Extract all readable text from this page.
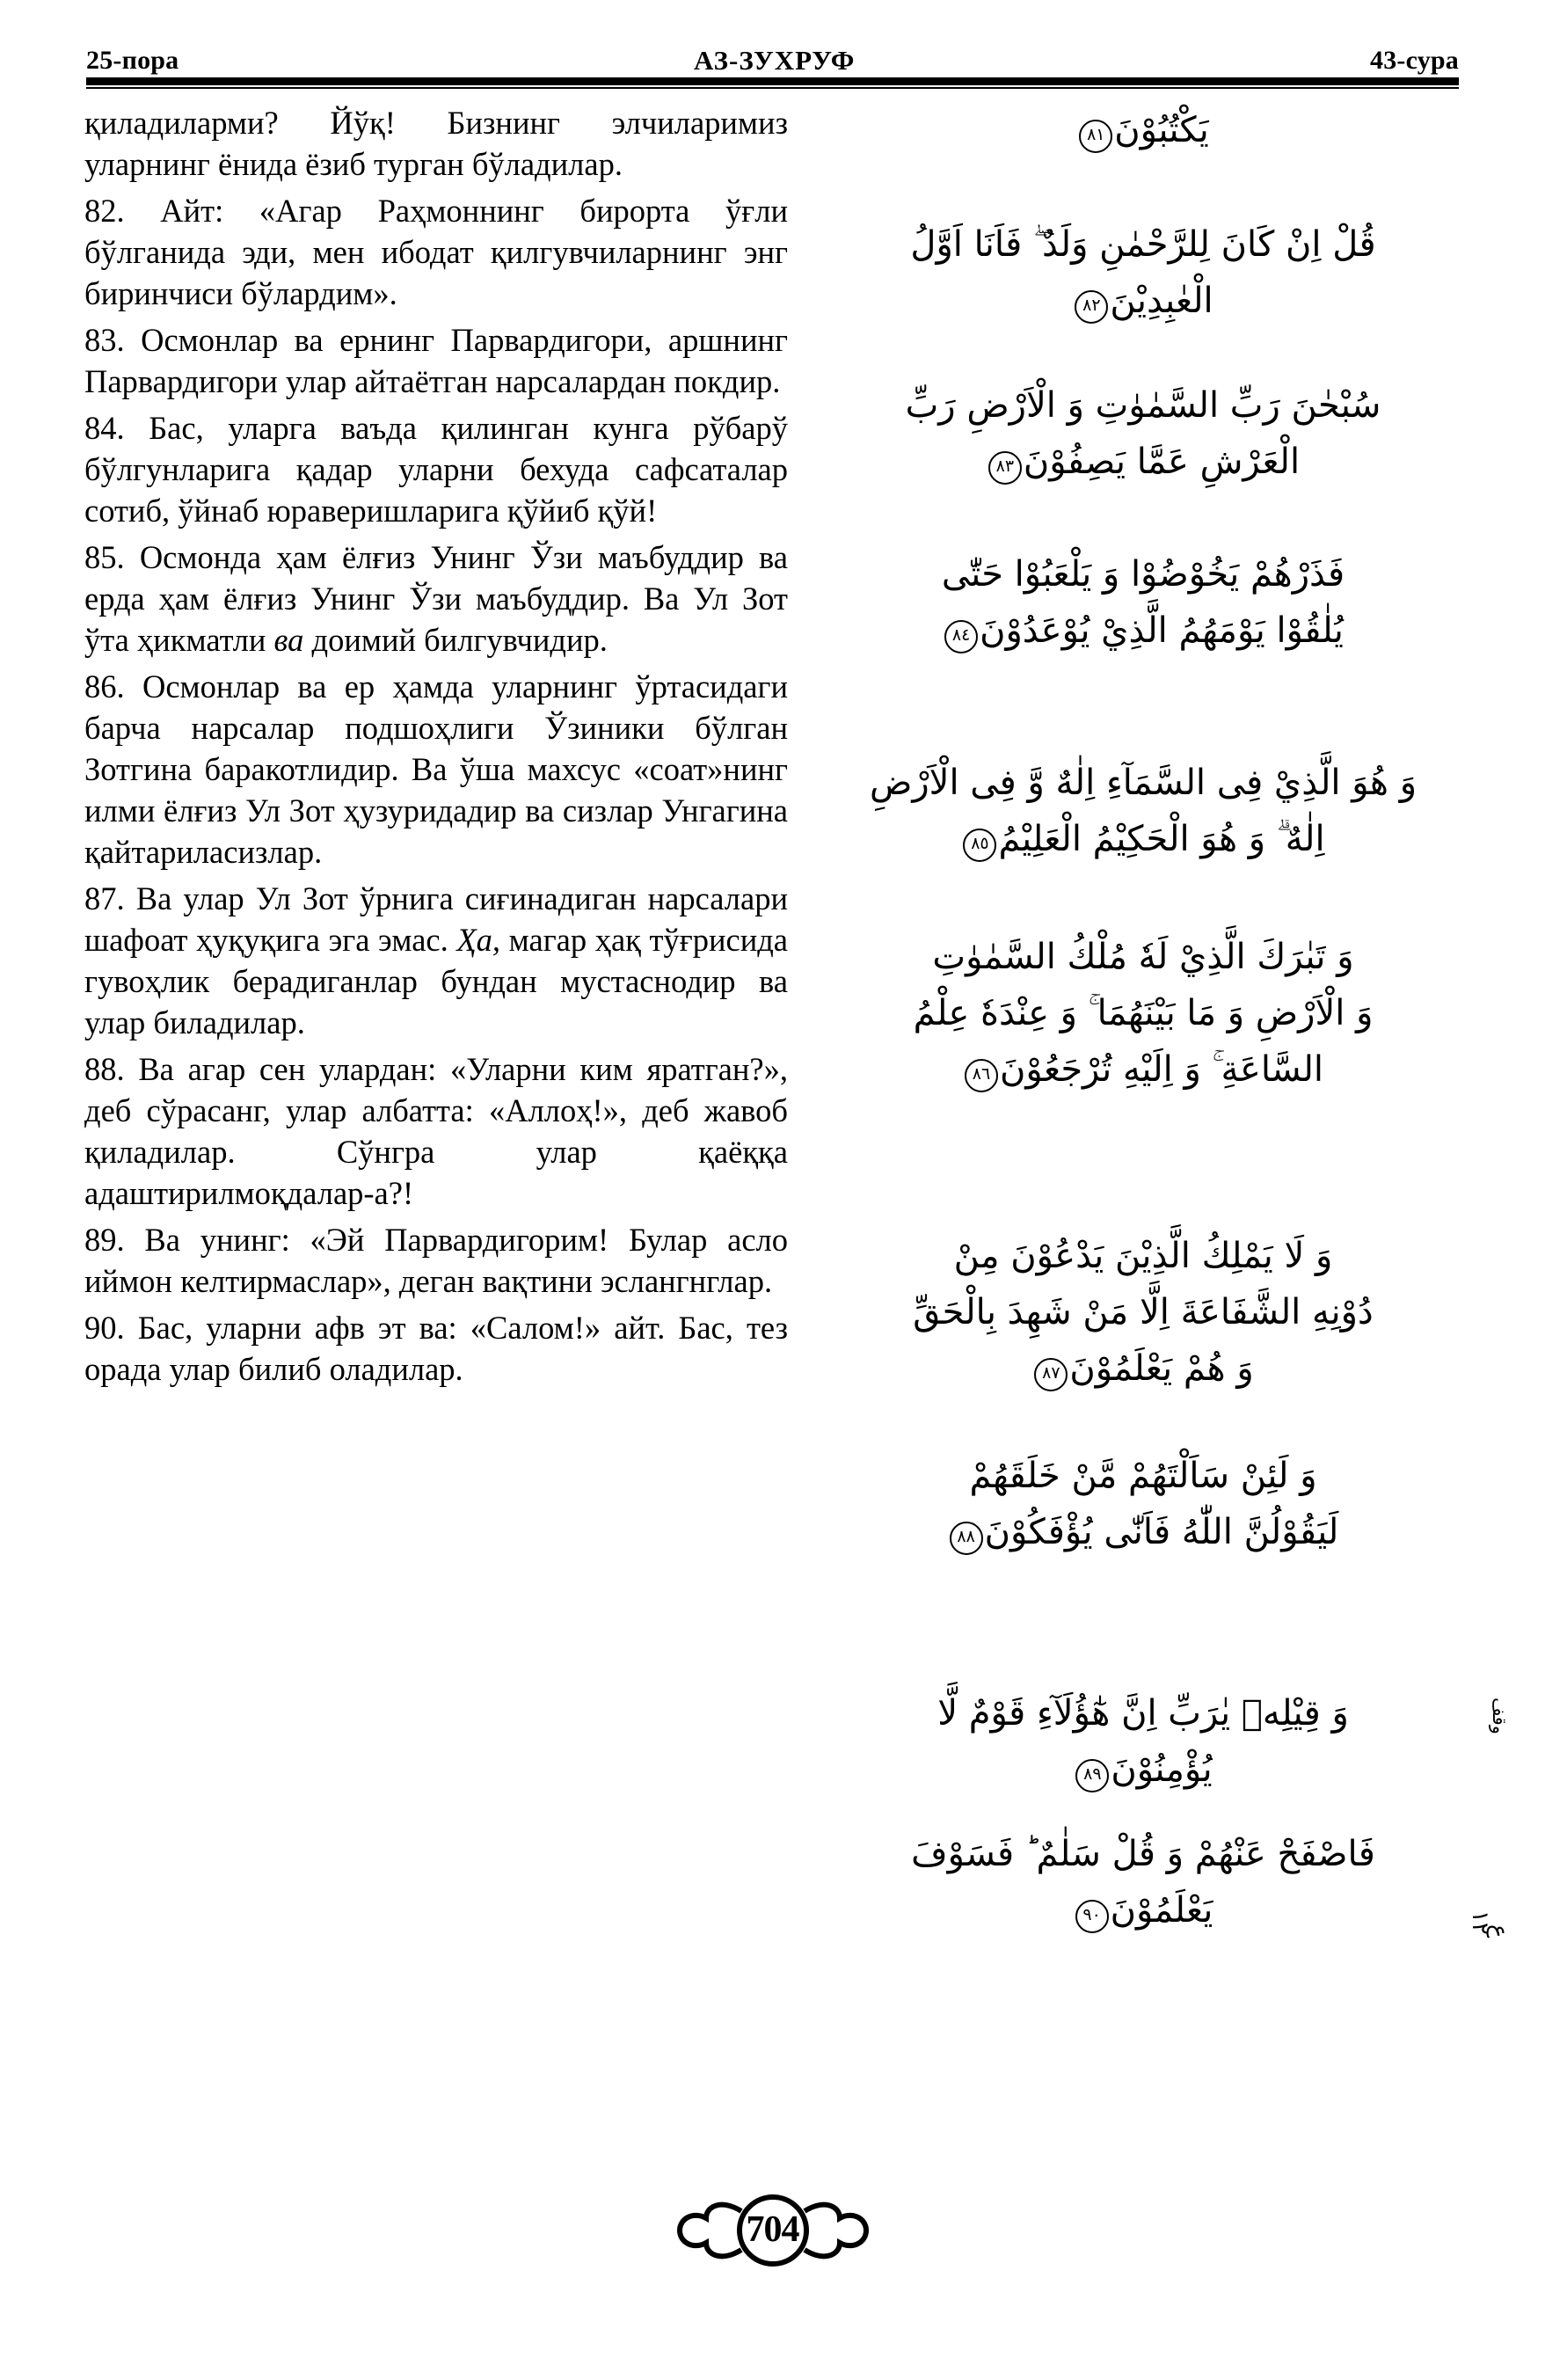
25-пора	АЗ-ЗУХРУФ	43-сура

қиладиларми? Йўқ! Бизнинг элчиларимиз уларнинг ёнида ёзиб турган бўладилар.

82. Айт: «Агар Раҳмоннинг бирорта ўғли бўлганида эди, мен ибодат қилгувчиларнинг энг биринчиси бўлардим».

83. Осмонлар ва ернинг Парвардигори, аршнинг Парвардигори улар айтаётган нарсалардан покдир.

84. Бас, уларга ваъда қилинган кунга рўбарў бўлгунларига қадар уларни бехуда сафсаталар сотиб, ўйнаб юраверишларига қўйиб қўй!

85. Осмонда ҳам ёлғиз Унинг Ўзи маъбуддир ва ерда ҳам ёлғиз Унинг Ўзи маъбуддир. Ва Ул Зот ўта ҳикматли ва доимий билгувчидир.

86. Осмонлар ва ер ҳамда уларнинг ўртасидаги барча нарсалар подшоҳлиги Ўзиники бўлган Зотгина баракотлидир. Ва ўша махсус «соат»нинг илми ёлғиз Ул Зот ҳузуридадир ва сизлар Унгагина қайтариласизлар.

87. Ва улар Ул Зот ўрнига сиғинадиган нарсалари шафоат ҳуқуқига эга эмас. Ҳа, магар ҳақ тўғрисида гувоҳлик берадиганлар бундан мустаснодир ва улар биладилар.

88. Ва агар сен улардан: «Уларни ким яратган?», деб сўрасанг, улар албатта: «Аллоҳ!», деб жавоб қиладилар. Сўнгра улар қаёққа адаштирилмоқдалар-а?!

89. Ва унинг: «Эй Парвардигорим! Булар асло иймон келтирмаслар», деган вақтини эслангнглар.

90. Бас, уларни афв эт ва: «Салом!» айт. Бас, тез орада улар билиб оладилар.

يَكْتُبُوْنَ٨١
قُلْ اِنْ كَانَ لِلرَّحْمٰنِ وَلَدٌ ۖ فَاَنَا اَوَّلُ
الْعٰبِدِيْنَ٨٢
سُبْحٰنَ رَبِّ السَّمٰوٰتِ وَ الْاَرْضِ رَبِّ
الْعَرْشِ عَمَّا يَصِفُوْنَ٨٣
فَذَرْهُمْ يَخُوْضُوْا وَ يَلْعَبُوْا حَتّٰى
يُلٰقُوْا يَوْمَهُمُ الَّذِيْ يُوْعَدُوْنَ٨٤
وَ هُوَ الَّذِيْ فِى السَّمَآءِ اِلٰهٌ وَّ فِى الْاَرْضِ
اِلٰهٌ ۗ وَ هُوَ الْحَكِيْمُ الْعَلِيْمُ٨٥
وَ تَبٰرَكَ الَّذِيْ لَهٗ مُلْكُ السَّمٰوٰتِ
وَ الْاَرْضِ وَ مَا بَيْنَهُمَا ۚ وَ عِنْدَهٗ عِلْمُ
السَّاعَةِ ۚ وَ اِلَيْهِ تُرْجَعُوْنَ٨٦
وَ لَا يَمْلِكُ الَّذِيْنَ يَدْعُوْنَ مِنْ
دُوْنِهِ الشَّفَاعَةَ اِلَّا مَنْ شَهِدَ بِالْحَقِّ
وَ هُمْ يَعْلَمُوْنَ٨٧
وَ لَئِنْ سَاَلْتَهُمْ مَّنْ خَلَقَهُمْ
لَيَقُوْلُنَّ اللّٰهُ فَاَنّٰى يُؤْفَكُوْنَ٨٨
وَ قِيْلِهٖ يٰرَبِّ اِنَّ هٰٓؤُلَآءِ قَوْمٌ لَّا
يُؤْمِنُوْنَ٨٩
وقف
فَاصْفَحْ عَنْهُمْ وَ قُلْ سَلٰمٌ ؕ فَسَوْفَ
يَعْلَمُوْنَ٩٠
ع ١٢
704
